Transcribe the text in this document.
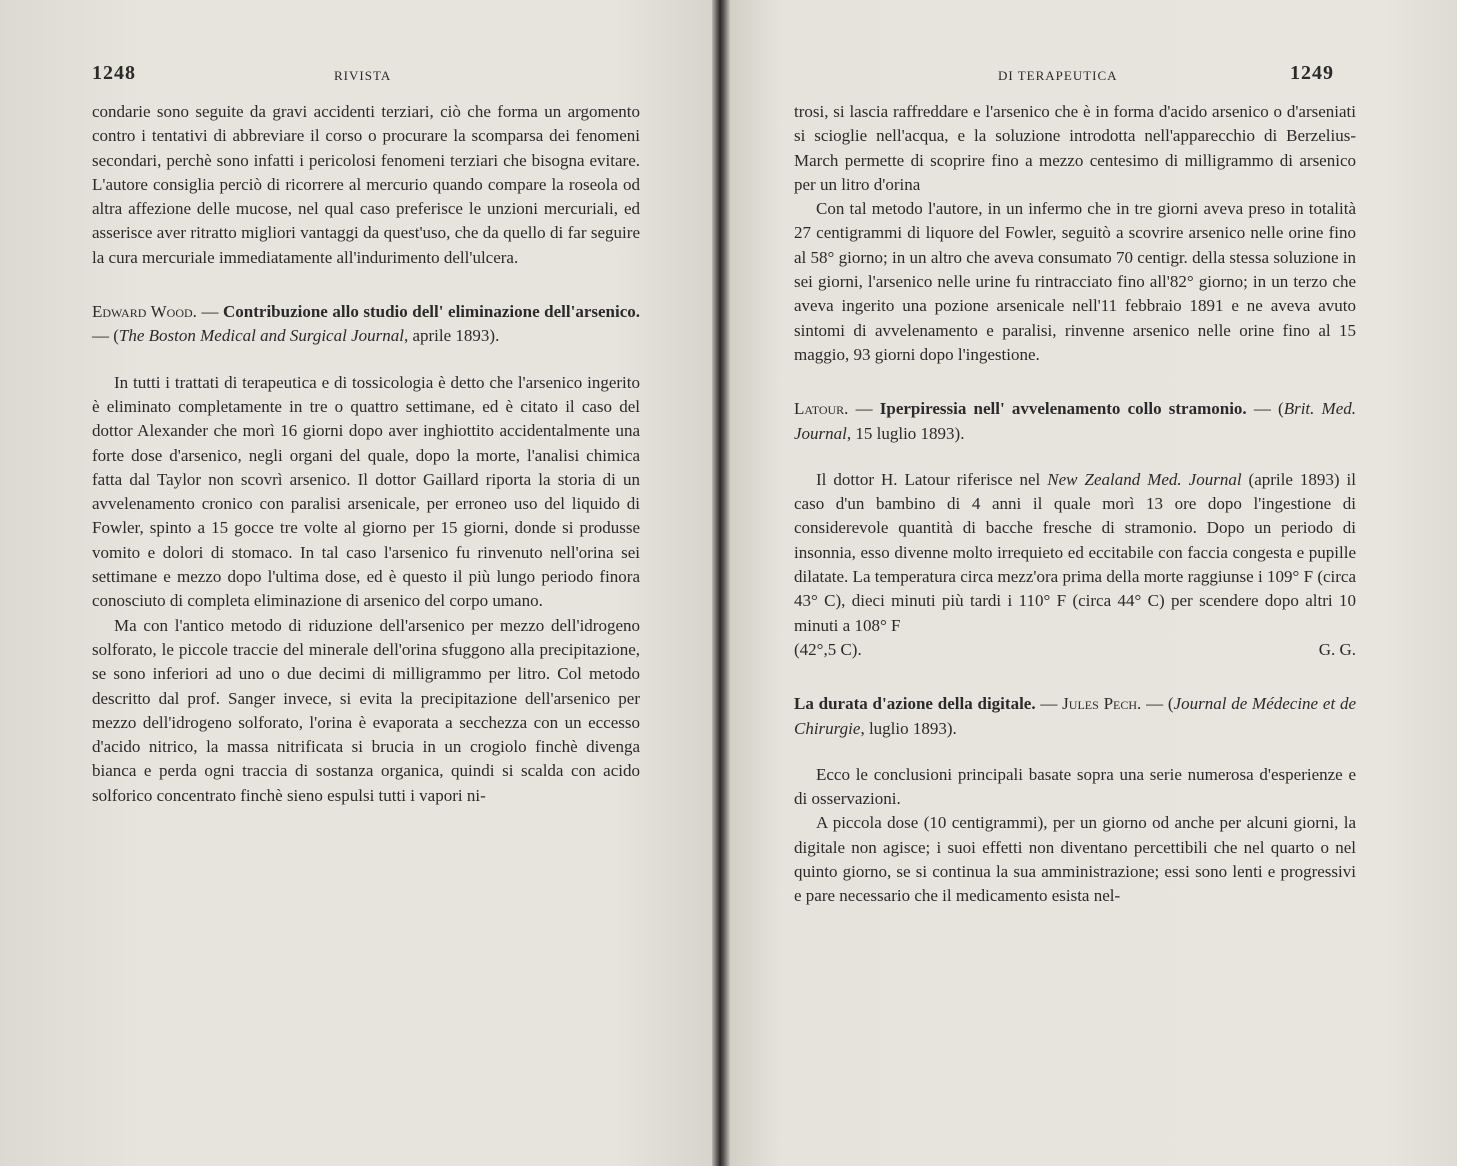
1248	RIVISTA

condarie sono seguite da gravi accidenti terziari, ciò che forma un argomento contro i tentativi di abbreviare il corso o procurare la scomparsa dei fenomeni secondari, perchè sono infatti i pericolosi fenomeni terziari che bisogna evitare. L'autore consiglia perciò di ricorrere al mercurio quando compare la roseola od altra affezione delle mucose, nel qual caso preferisce le unzioni mercuriali, ed asserisce aver ritratto migliori vantaggi da quest'uso, che da quello di far seguire la cura mercuriale immediatamente all'indurimento dell'ulcera.

Edward Wood. — Contribuzione allo studio dell' eliminazione dell'arsenico. — (The Boston Medical and Surgical Journal, aprile 1893).

In tutti i trattati di terapeutica e di tossicologia è detto che l'arsenico ingerito è eliminato completamente in tre o quattro settimane, ed è citato il caso del dottor Alexander che morì 16 giorni dopo aver inghiottito accidentalmente una forte dose d'arsenico, negli organi del quale, dopo la morte, l'analisi chimica fatta dal Taylor non scovrì arsenico. Il dottor Gaillard riporta la storia di un avvelenamento cronico con paralisi arsenicale, per erroneo uso del liquido di Fowler, spinto a 15 gocce tre volte al giorno per 15 giorni, donde si produsse vomito e dolori di stomaco. In tal caso l'arsenico fu rinvenuto nell'orina sei settimane e mezzo dopo l'ultima dose, ed è questo il più lungo periodo finora conosciuto di completa eliminazione di arsenico del corpo umano.

Ma con l'antico metodo di riduzione dell'arsenico per mezzo dell'idrogeno solforato, le piccole traccie del minerale dell'orina sfuggono alla precipitazione, se sono inferiori ad uno o due decimi di milligrammo per litro. Col metodo descritto dal prof. Sanger invece, si evita la precipitazione dell'arsenico per mezzo dell'idrogeno solforato, l'orina è evaporata a secchezza con un eccesso d'acido nitrico, la massa nitrificata si brucia in un crogiolo finchè divenga bianca e perda ogni traccia di sostanza organica, quindi si scalda con acido solforico concentrato finchè sieno espulsi tutti i vapori ni-

DI TERAPEUTICA	1249

trosi, si lascia raffreddare e l'arsenico che è in forma d'acido arsenico o d'arseniati si scioglie nell'acqua, e la soluzione introdotta nell'apparecchio di Berzelius-March permette di scoprire fino a mezzo centesimo di milligrammo di arsenico per un litro d'orina

Con tal metodo l'autore, in un infermo che in tre giorni aveva preso in totalità 27 centigrammi di liquore del Fowler, seguitò a scovrire arsenico nelle orine fino al 58° giorno; in un altro che aveva consumato 70 centigr. della stessa soluzione in sei giorni, l'arsenico nelle urine fu rintracciato fino all'82° giorno; in un terzo che aveva ingerito una pozione arsenicale nell'11 febbraio 1891 e ne aveva avuto sintomi di avvelenamento e paralisi, rinvenne arsenico nelle orine fino al 15 maggio, 93 giorni dopo l'ingestione.

Latour. — Iperpiressia nell' avvelenamento collo stramonio. — (Brit. Med. Journal, 15 luglio 1893).

Il dottor H. Latour riferisce nel New Zealand Med. Journal (aprile 1893) il caso d'un bambino di 4 anni il quale morì 13 ore dopo l'ingestione di considerevole quantità di bacche fresche di stramonio. Dopo un periodo di insonnia, esso divenne molto irrequieto ed eccitabile con faccia congesta e pupille dilatate. La temperatura circa mezz'ora prima della morte raggiunse i 109° F (circa 43° C), dieci minuti più tardi i 110° F (circa 44° C) per scendere dopo altri 10 minuti a 108° F

(42°,5 C).	G. G.

La durata d'azione della digitale. — Jules Pech. — (Journal de Médecine et de Chirurgie, luglio 1893).

Ecco le conclusioni principali basate sopra una serie numerosa d'esperienze e di osservazioni.

A piccola dose (10 centigrammi), per un giorno od anche per alcuni giorni, la digitale non agisce; i suoi effetti non diventano percettibili che nel quarto o nel quinto giorno, se si continua la sua amministrazione; essi sono lenti e progressivi e pare necessario che il medicamento esista nel-
